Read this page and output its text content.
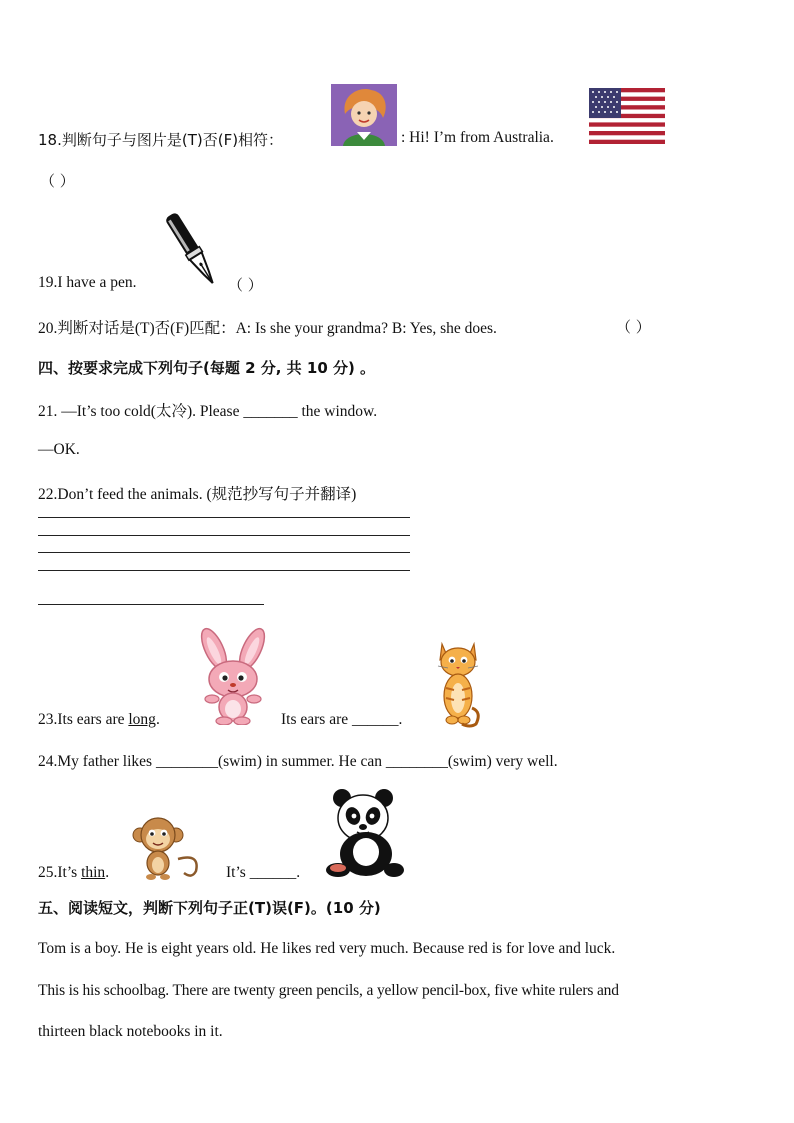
18.判断句子与图片是(T)否(F)相符：	: Hi! I’m from Australia.
（ ）
19.I have a pen.	（ ）
20.判断对话是(T)否(F)匹配：A: Is she your grandma? B: Yes, she does.	（ ）
四、按要求完成下列句子(每题 2 分, 共 10 分) 。
21. —It’s too cold(太冷). Please _______ the window.
—OK.
22.Don’t feed the animals. (规范抄写句子并翻译)
23.Its ears are long.	Its ears are ______.
24.My father likes ________(swim) in summer. He can ________(swim) very well.
25.It’s thin.	It’s ______.
五、阅读短文，判断下列句子正(T)误(F)。(10 分)
Tom is a boy. He is eight years old. He likes red very much. Because red is for love and luck.
This is his schoolbag. There are twenty green pencils, a yellow pencil-box, five white rulers and
thirteen black notebooks in it.
